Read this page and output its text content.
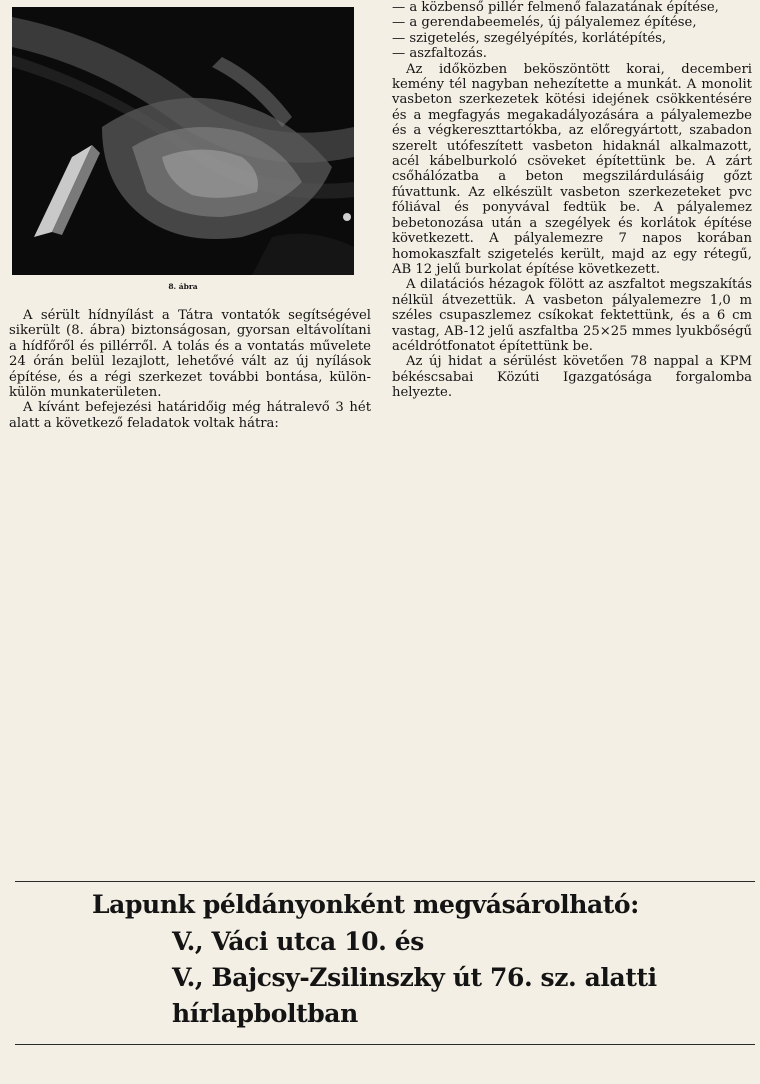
8. ábra

A sérült hídnyílást a Tátra vontatók segítségével sikerült (8. ábra) biztonságosan, gyorsan eltávolítani a hídfőről és pillérről. A tolás és a vontatás művelete 24 órán belül lezajlott, lehetővé vált az új nyílások építése, és a régi szerkezet további bontása, külön-külön munkaterületen.

A kívánt befejezési határidőig még hátralevő 3 hét alatt a következő feladatok voltak hátra:

— a közbenső pillér felmenő falazatának építése,

— a gerendabeemelés, új pályalemez építése,

— szigetelés, szegélyépítés, korlátépítés,

— aszfaltozás.

Az időközben beköszöntött korai, decemberi kemény tél nagyban nehezítette a munkát. A monolit vasbeton szerkezetek kötési idejének csökkentésére és a megfagyás megakadályozására a pályalemezbe és a végkereszttartókba, az előregyártott, szabadon szerelt utófeszített vasbeton hidaknál alkalmazott, acél kábelburkoló csöveket építettünk be. A zárt csőhálózatba a beton megszilárdulásáig gőzt fúvattunk. Az elkészült vasbeton szerkezeteket pvc fóliával és ponyvával fedtük be. A pályalemez bebetonozása után a szegélyek és korlátok építése következett. A pályalemezre 7 napos korában homokaszfalt szigetelés került, majd az egy rétegű, AB 12 jelű burkolat építése következett.

A dilatációs hézagok fölött az aszfaltot megszakítás nélkül átvezettük. A vasbeton pályalemezre 1,0 m széles csupaszlemez csíkokat fektettünk, és a 6 cm vastag, AB-12 jelű aszfaltba 25×25 mmes lyukbőségű acéldrótfonatot építettünk be.

Az új hidat a sérülést követően 78 nappal a KPM békéscsabai Közúti Igazgatósága forgalomba helyezte.

Lapunk példányonként megvásárolható:
V., Váci utca 10. és
V., Bajcsy-Zsilinszky út 76. sz. alatti
hírlapboltban
